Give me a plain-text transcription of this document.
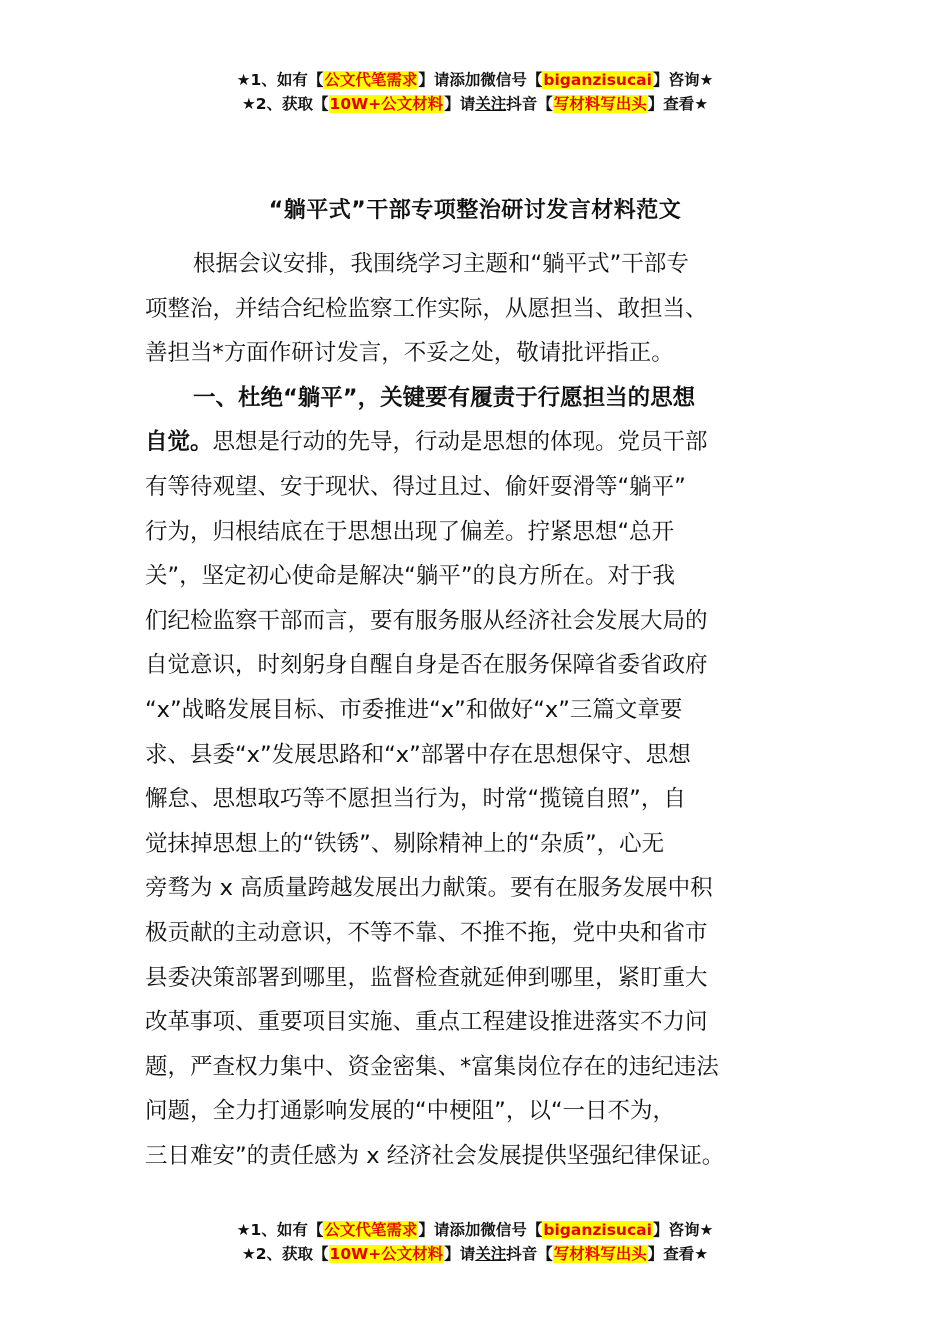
★1、如有【公文代笔需求】请添加微信号【biganzisucai】咨询★
★2、获取【10W+公文材料】请关注抖音【写材料写出头】查看★
“躺平式”干部专项整治研讨发言材料范文
根据会议安排，我围绕学习主题和“躺平式”干部专
项整治，并结合纪检监察工作实际，从愿担当、敢担当、
善担当*方面作研讨发言，不妥之处，敬请批评指正。
一、杜绝“躺平”，关键要有履责于行愿担当的思想
自觉。思想是行动的先导，行动是思想的体现。党员干部
有等待观望、安于现状、得过且过、偷奸耍滑等“躺平”
行为，归根结底在于思想出现了偏差。拧紧思想“总开
关”，坚定初心使命是解决“躺平”的良方所在。对于我
们纪检监察干部而言，要有服务服从经济社会发展大局的
自觉意识，时刻躬身自醒自身是否在服务保障省委省政府
“x”战略发展目标、市委推进“x”和做好“x”三篇文章要
求、县委“x”发展思路和“x”部署中存在思想保守、思想
懈怠、思想取巧等不愿担当行为，时常“揽镜自照”，自
觉抹掉思想上的“铁锈”、剔除精神上的“杂质”，心无
旁骛为 x 高质量跨越发展出力献策。要有在服务发展中积
极贡献的主动意识，不等不靠、不推不拖，党中央和省市
县委决策部署到哪里，监督检查就延伸到哪里，紧盯重大
改革事项、重要项目实施、重点工程建设推进落实不力问
题，严查权力集中、资金密集、*富集岗位存在的违纪违法
问题，全力打通影响发展的“中梗阻”，以“一日不为，
三日难安”的责任感为 x 经济社会发展提供坚强纪律保证。
★1、如有【公文代笔需求】请添加微信号【biganzisucai】咨询★
★2、获取【10W+公文材料】请关注抖音【写材料写出头】查看★
